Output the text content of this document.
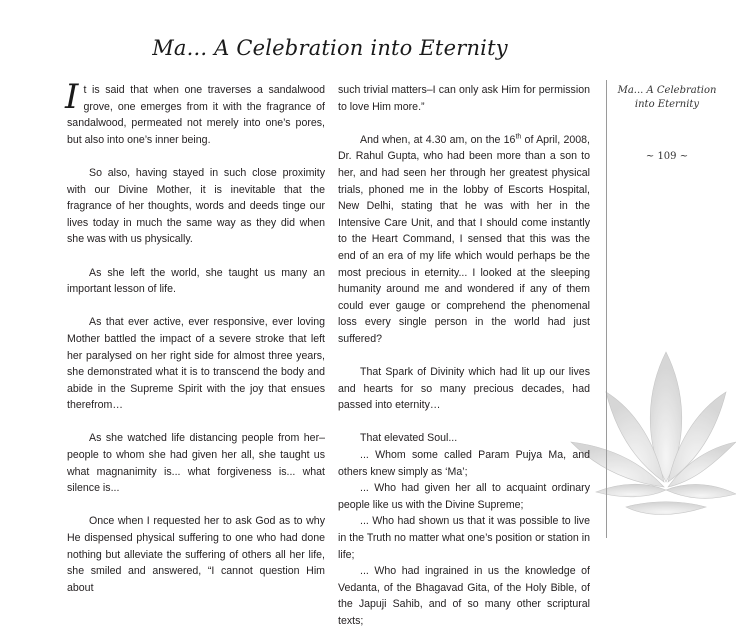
Ma... A Celebration into Eternity

It is said that when one traverses a sandalwood grove, one emerges from it with the fragrance of sandalwood, permeated not merely into one’s pores, but also into one’s inner being.

So also, having stayed in such close proximity with our Divine Mother, it is inevitable that the fragrance of her thoughts, words and deeds tinge our lives today in much the same way as they did when she was with us physically.

As she left the world, she taught us many an important lesson of life.

As that ever active, ever responsive, ever loving Mother battled the impact of a severe stroke that left her paralysed on her right side for almost three years, she demonstrated what it is to transcend the body and abide in the Supreme Spirit with the joy that ensues therefrom…

As she watched life distancing people from her– people to whom she had given her all, she taught us what magnanimity is... what forgiveness is... what silence is...

Once when I requested her to ask God as to why He dispensed physical suffering to one who had done nothing but alleviate the suffering of others all her life, she smiled and answered, “I cannot question Him about

such trivial matters–I can only ask Him for permission to love Him more.”

And when, at 4.30 am, on the 16th of April, 2008, Dr. Rahul Gupta, who had been more than a son to her, and had seen her through her greatest physical trials, phoned me in the lobby of Escorts Hospital, New Delhi, stating that he was with her in the Intensive Care Unit, and that I should come instantly to the Heart Command, I sensed that this was the end of an era of my life which would perhaps be the most precious in eternity... I looked at the sleeping humanity around me and wondered if any of them could ever gauge or comprehend the phenomenal loss every single person in the world had just suffered?

That Spark of Divinity which had lit up our lives and hearts for so many precious decades, had passed into eternity…

That elevated Soul...

... Whom some called Param Pujya Ma, and others knew simply as ‘Ma’;

... Who had given her all to acquaint ordinary people like us with the Divine Supreme;

... Who had shown us that it was possible to live in the Truth no matter what one’s position or station in life;

... Who had ingrained in us the knowledge of Vedanta, of the Bhagavad Gita, of the Holy Bible, of the Japuji Sahib, and of so many other scriptural texts;

Ma... A Celebration
into Eternity
~ 109 ~
